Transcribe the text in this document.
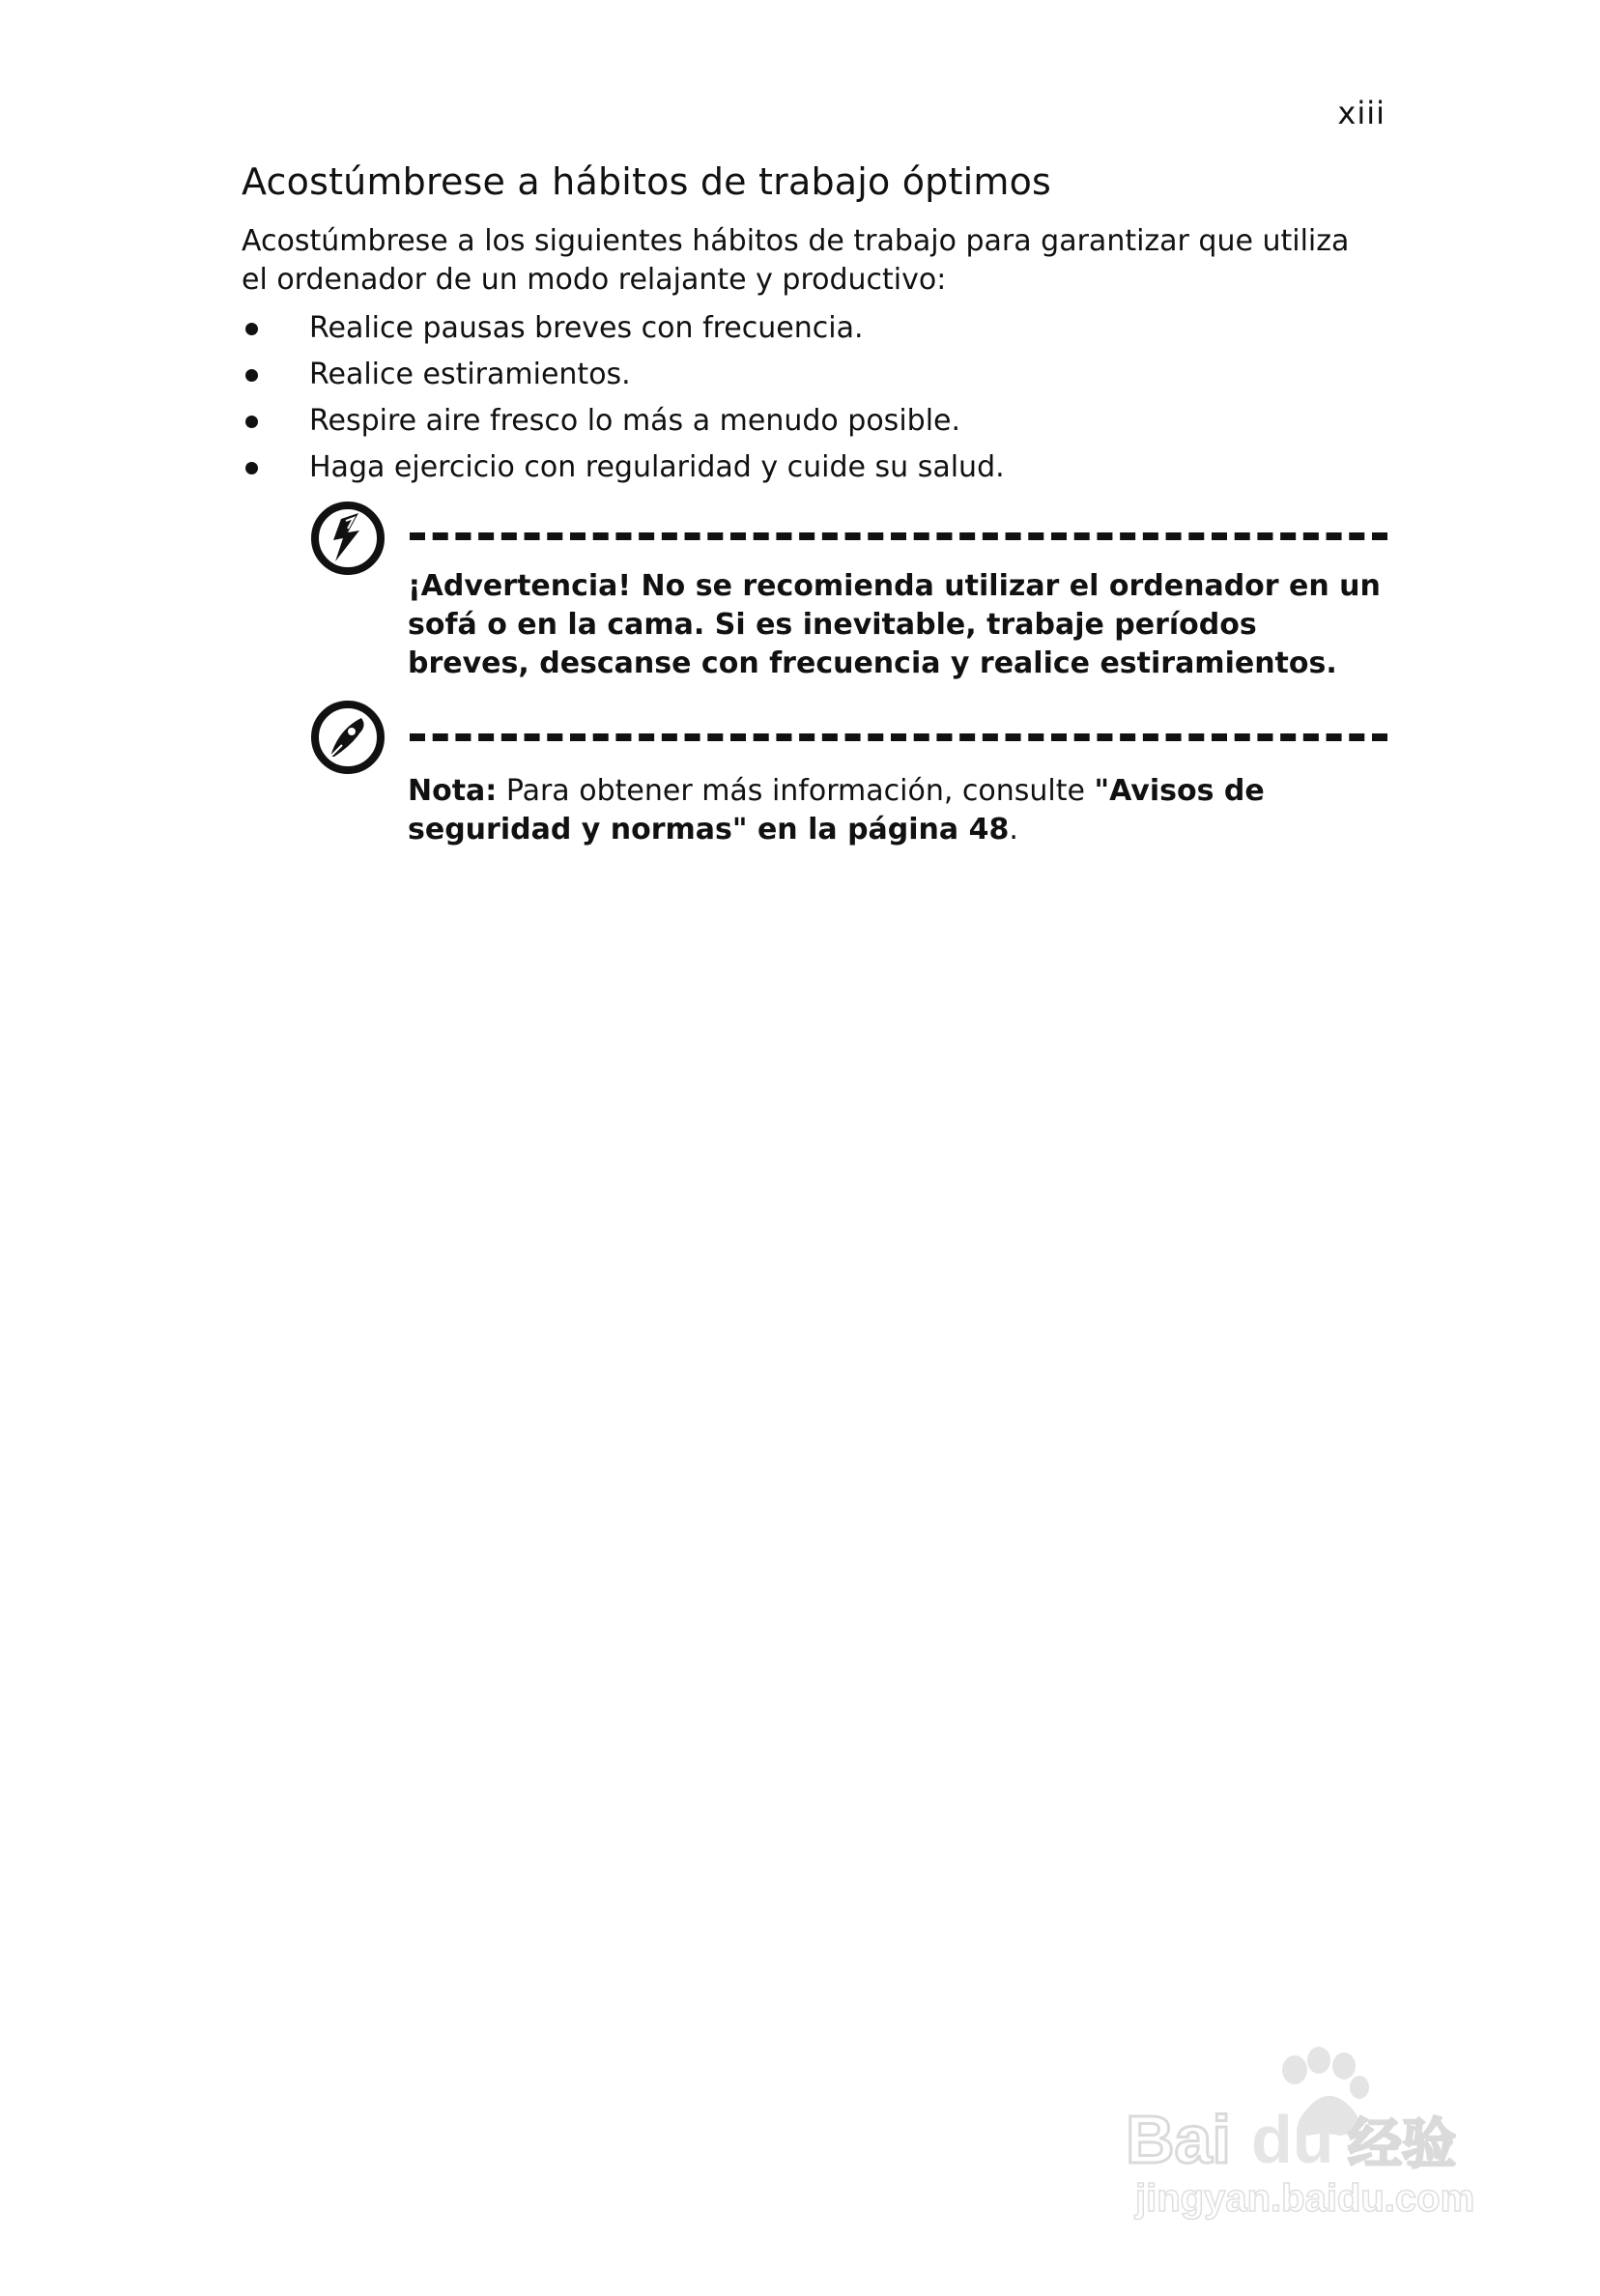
xiii
Acostúmbrese a hábitos de trabajo óptimos

Acostúmbrese a los siguientes hábitos de trabajo para garantizar que utiliza el ordenador de un modo relajante y productivo:

Realice pausas breves con frecuencia.
Realice estiramientos.
Respire aire fresco lo más a menudo posible.
Haga ejercicio con regularidad y cuide su salud.
¡Advertencia! No se recomienda utilizar el ordenador en un sofá o en la cama. Si es inevitable, trabaje períodos breves, descanse con frecuencia y realice estiramientos.
Nota: Para obtener más información, consulte "Avisos de seguridad y normas" en la página 48.
Bai du 经验
jingyan.baidu.com
